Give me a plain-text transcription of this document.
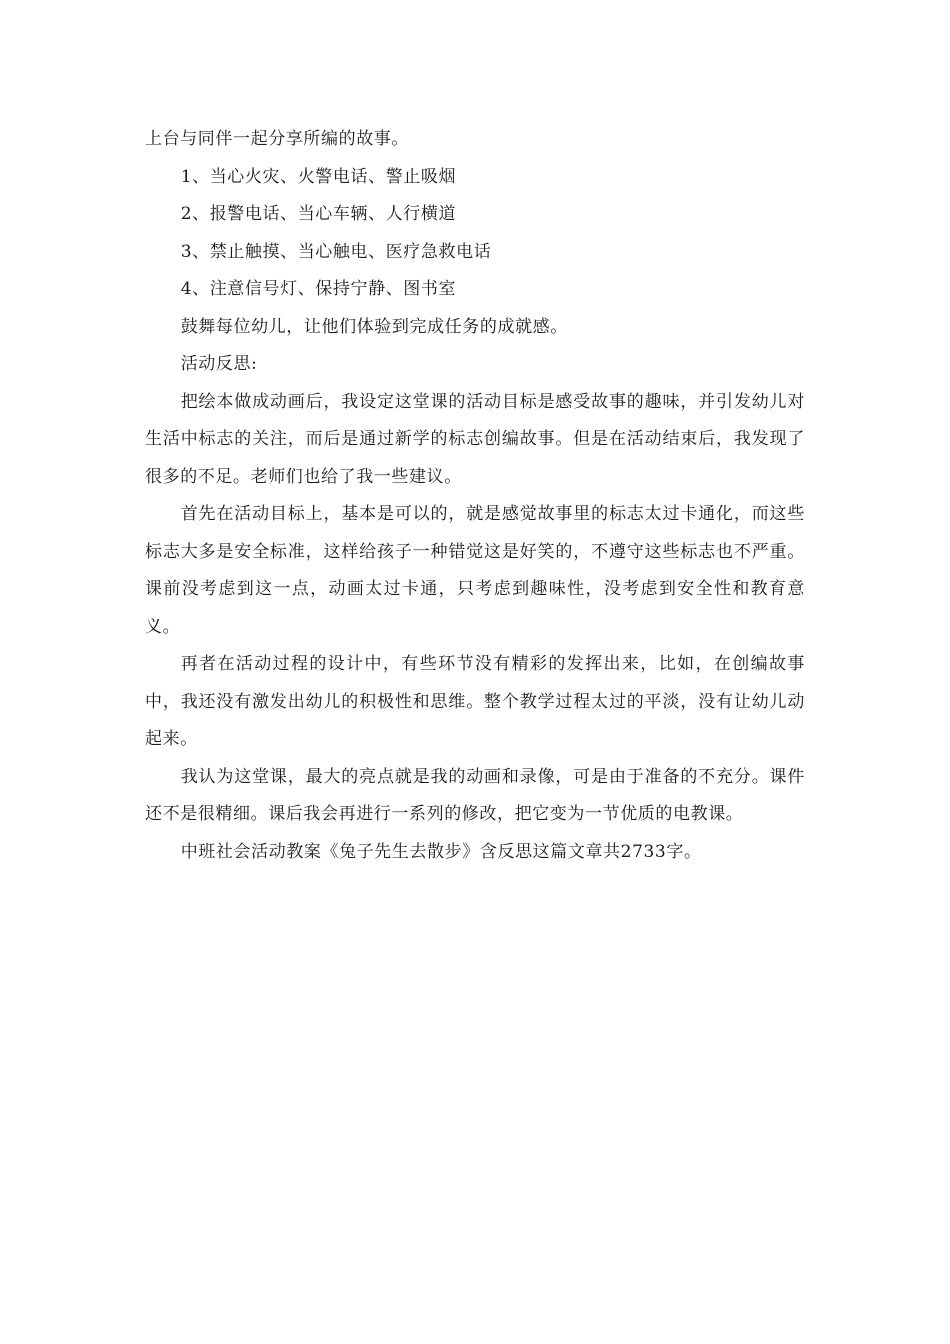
上台与同伴一起分享所编的故事。

1、当心火灾、火警电话、警止吸烟

2、报警电话、当心车辆、人行横道

3、禁止触摸、当心触电、医疗急救电话

4、注意信号灯、保持宁静、图书室

鼓舞每位幼儿，让他们体验到完成任务的成就感。

活动反思:

把绘本做成动画后，我设定这堂课的活动目标是感受故事的趣味，并引发幼儿对生活中标志的关注，而后是通过新学的标志创编故事。但是在活动结束后，我发现了很多的不足。老师们也给了我一些建议。

首先在活动目标上，基本是可以的，就是感觉故事里的标志太过卡通化，而这些标志大多是安全标准，这样给孩子一种错觉这是好笑的，不遵守这些标志也不严重。课前没考虑到这一点，动画太过卡通，只考虑到趣味性，没考虑到安全性和教育意义。

再者在活动过程的设计中，有些环节没有精彩的发挥出来，比如，在创编故事中，我还没有激发出幼儿的积极性和思维。整个教学过程太过的平淡，没有让幼儿动起来。

我认为这堂课，最大的亮点就是我的动画和录像，可是由于准备的不充分。课件还不是很精细。课后我会再进行一系列的修改，把它变为一节优质的电教课。

中班社会活动教案《兔子先生去散步》含反思这篇文章共2733字。
